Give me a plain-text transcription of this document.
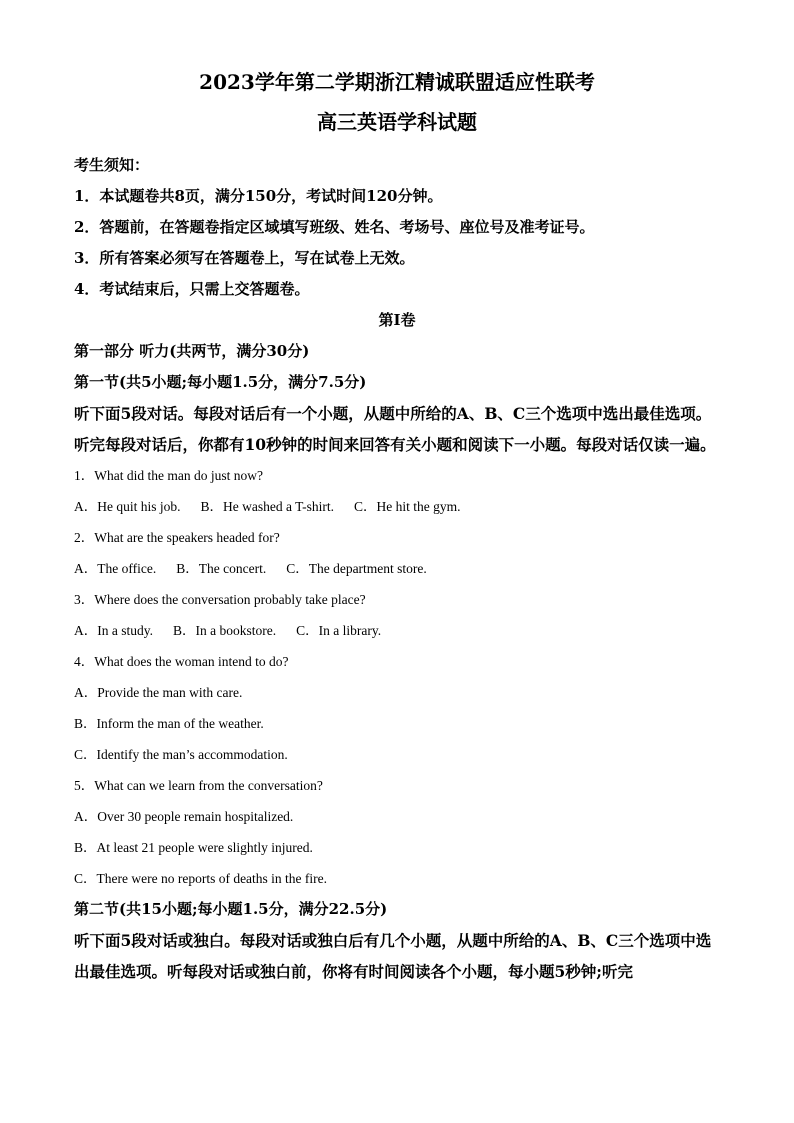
2023学年第二学期浙江精诚联盟适应性联考
高三英语学科试题
考生须知：
1．本试题卷共8页，满分150分，考试时间120分钟。
2．答题前，在答题卷指定区域填写班级、姓名、考场号、座位号及准考证号。
3．所有答案必须写在答题卷上，写在试卷上无效。
4．考试结束后，只需上交答题卷。
第Ⅰ卷
第一部分 听力(共两节，满分30分)
第一节(共5小题;每小题1.5分，满分7.5分)

听下面5段对话。每段对话后有一个小题，从题中所给的A、B、C三个选项中选出最佳选项。听完每段对话后，你都有10秒钟的时间来回答有关小题和阅读下一小题。每段对话仅读一遍。

1．What did the man do just now?
A．He quit his job. B．He washed a T-shirt. C．He hit the gym.
2．What are the speakers headed for?
A．The office. B．The concert. C．The department store.
3．Where does the conversation probably take place?
A．In a study. B．In a bookstore. C．In a library.
4．What does the woman intend to do?
A．Provide the man with care.
B．Inform the man of the weather.
C．Identify the man’s accommodation.
5．What can we learn from the conversation?
A．Over 30 people remain hospitalized.
B．At least 21 people were slightly injured.
C．There were no reports of deaths in the fire.
第二节(共15小题;每小题1.5分，满分22.5分)

听下面5段对话或独白。每段对话或独白后有几个小题，从题中所给的A、B、C三个选项中选出最佳选项。听每段对话或独白前，你将有时间阅读各个小题，每小题5秒钟;听完
